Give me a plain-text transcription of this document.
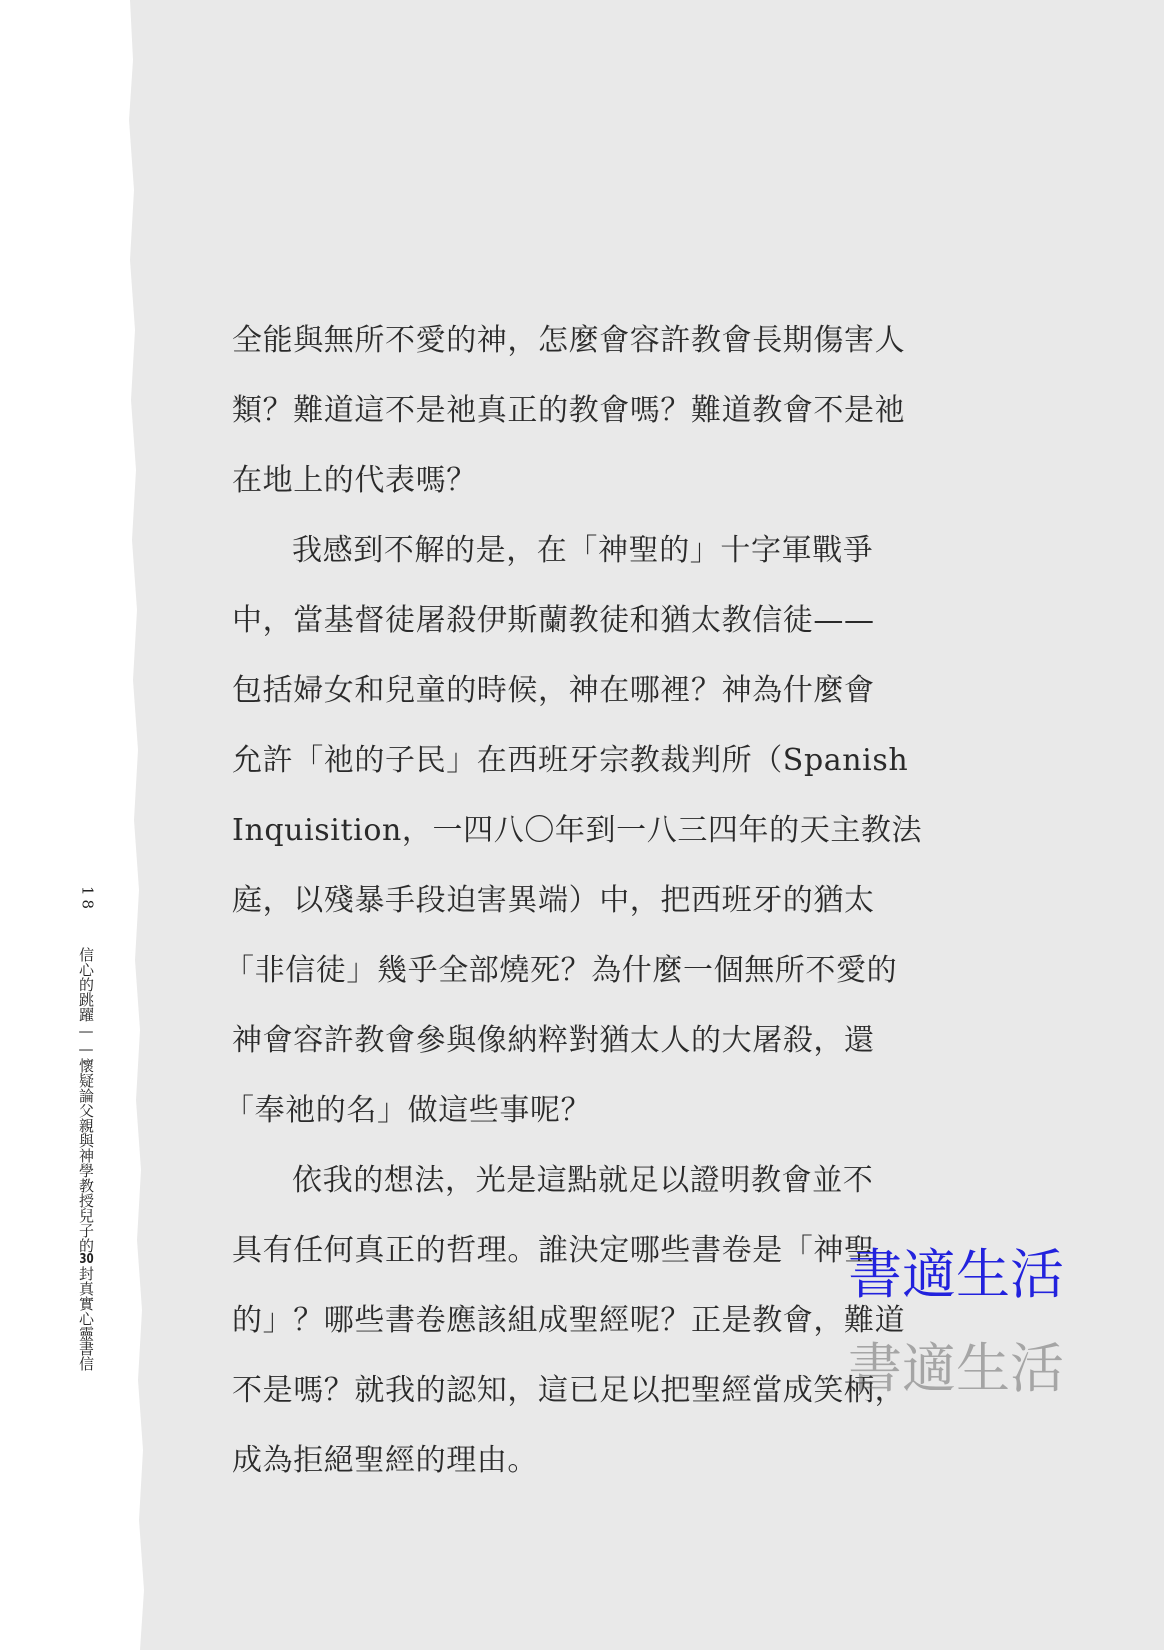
18 信心的跳躍——懷疑論父親與神學教授兒子的30封真實心靈書信
全能與無所不愛的神，怎麼會容許教會長期傷害人
類？難道這不是祂真正的教會嗎？難道教會不是祂
在地上的代表嗎？
我感到不解的是，在「神聖的」十字軍戰爭
中，當基督徒屠殺伊斯蘭教徒和猶太教信徒——
包括婦女和兒童的時候，神在哪裡？神為什麼會
允許「祂的子民」在西班牙宗教裁判所（Spanish
Inquisition，一四八〇年到一八三四年的天主教法
庭，以殘暴手段迫害異端）中，把西班牙的猶太
「非信徒」幾乎全部燒死？為什麼一個無所不愛的
神會容許教會參與像納粹對猶太人的大屠殺，還
「奉祂的名」做這些事呢？
依我的想法，光是這點就足以證明教會並不
具有任何真正的哲理。誰決定哪些書卷是「神聖
的」？哪些書卷應該組成聖經呢？正是教會，難道
不是嗎？就我的認知，這已足以把聖經當成笑柄，
成為拒絕聖經的理由。
書適生活
書適生活
